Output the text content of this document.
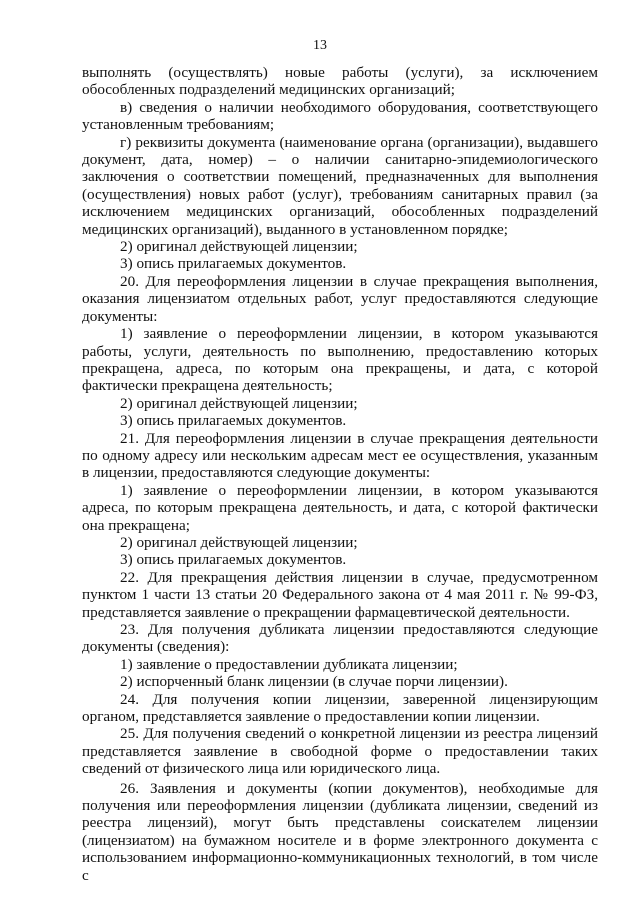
13

выполнять (осуществлять) новые работы (услуги), за исключением обособленных подразделений медицинских организаций;

в) сведения о наличии необходимого оборудования, соответствующего установленным требованиям;

г) реквизиты документа (наименование органа (организации), выдавшего документ, дата, номер) – о наличии санитарно-эпидемиологического заключения о соответствии помещений, предназначенных для выполнения (осуществления) новых работ (услуг), требованиям санитарных правил (за исключением медицинских организаций, обособленных подразделений медицинских организаций), выданного в установленном порядке;

2) оригинал действующей лицензии;

3) опись прилагаемых документов.

20. Для переоформления лицензии в случае прекращения выполнения, оказания лицензиатом отдельных работ, услуг предоставляются следующие документы:

1) заявление о переоформлении лицензии, в котором указываются работы, услуги, деятельность по выполнению, предоставлению которых прекращена, адреса, по которым она прекращены, и дата, с которой фактически прекращена деятельность;

2) оригинал действующей лицензии;

3) опись прилагаемых документов.

21. Для переоформления лицензии в случае прекращения деятельности по одному адресу или нескольким адресам мест ее осуществления, указанным в лицензии, предоставляются следующие документы:

1) заявление о переоформлении лицензии, в котором указываются адреса, по которым прекращена деятельность, и дата, с которой фактически она прекращена;

2) оригинал действующей лицензии;

3) опись прилагаемых документов.

22. Для прекращения действия лицензии в случае, предусмотренном пунктом 1 части 13 статьи 20 Федерального закона от 4 мая 2011 г. № 99-ФЗ, представляется заявление о прекращении фармацевтической деятельности.

23. Для получения дубликата лицензии предоставляются следующие документы (сведения):

1) заявление о предоставлении дубликата лицензии;

2) испорченный бланк лицензии (в случае порчи лицензии).

24. Для получения копии лицензии, заверенной лицензирующим органом, представляется заявление о предоставлении копии лицензии.

25. Для получения сведений о конкретной лицензии из реестра лицензий представляется заявление в свободной форме о предоставлении таких сведений от физического лица или юридического лица.

26. Заявления и документы (копии документов), необходимые для получения или переоформления лицензии (дубликата лицензии, сведений из реестра лицензий), могут быть представлены соискателем лицензии (лицензиатом) на бумажном носителе и в форме электронного документа с использованием информационно-коммуникационных технологий, в том числе с
